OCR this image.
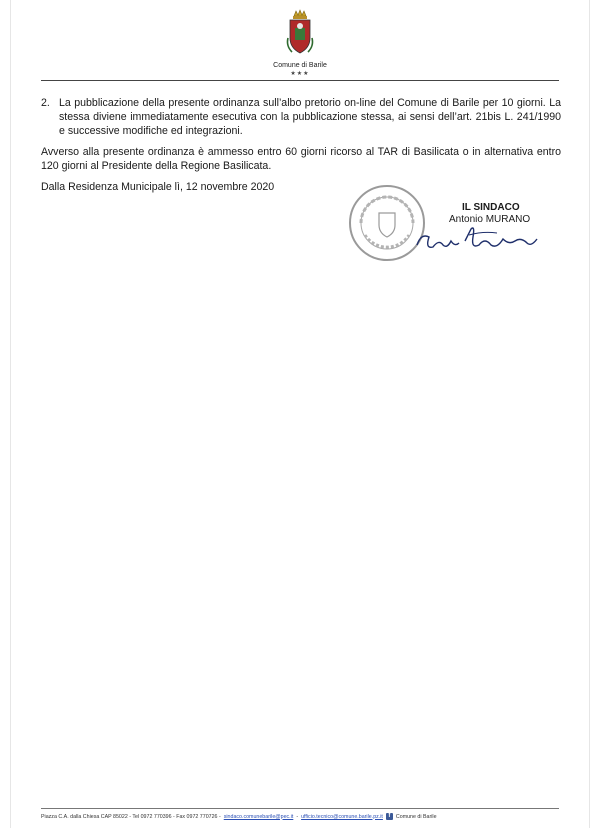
Comune di Barile
★★★
2. La pubblicazione della presente ordinanza sull’albo pretorio on-line del Comune di Barile per 10 giorni. La stessa diviene immediatamente esecutiva con la pubblicazione stessa, ai sensi dell’art. 21bis L. 241/1990 e successive modifiche ed integrazioni.

Avverso alla presente ordinanza è ammesso entro 60 giorni ricorso al TAR di Basilicata o in alternativa entro 120 giorni al Presidente della Regione Basilicata.

Dalla Residenza Municipale lì, 12 novembre 2020

IL SINDACO
Antonio MURANO
Piazza C.A. dalla Chiesa CAP 85022 - Tel 0972 770396 - Fax 0972 770726 - sindaco.comunebarile@pec.it - ufficio.tecnico@comune.barile.pz.it f	Comune di Barile
